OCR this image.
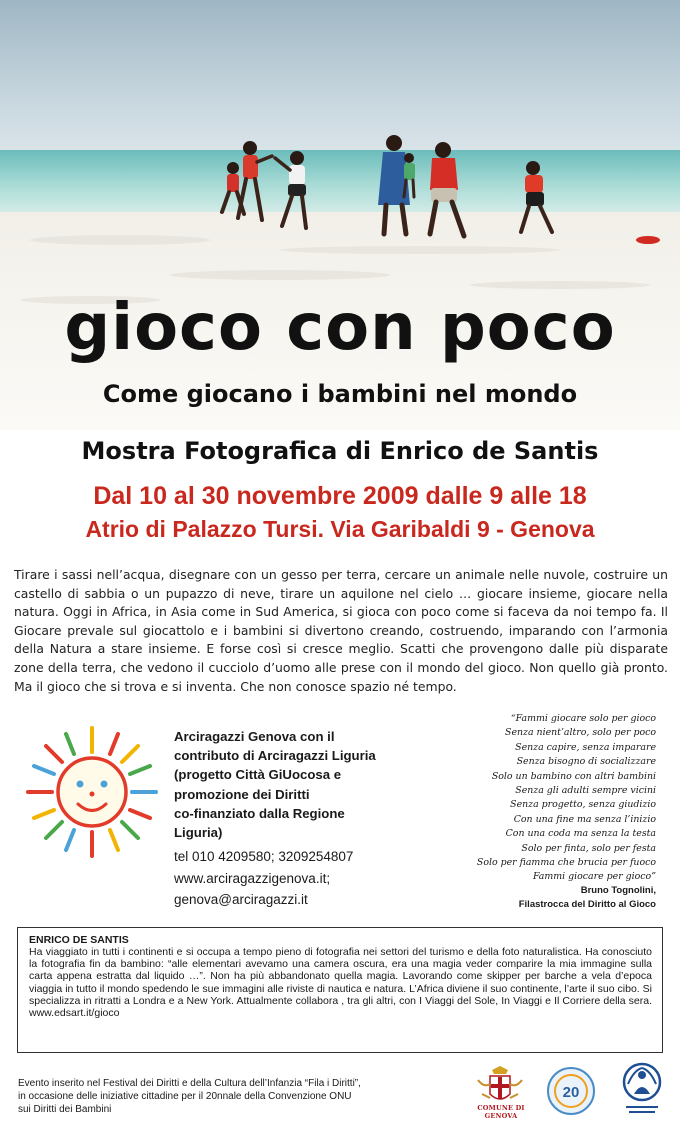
gioco con poco
Come giocano i bambini nel mondo
Mostra Fotografica di Enrico de Santis
Dal 10 al 30 novembre 2009 dalle 9 alle 18
Atrio di Palazzo Tursi. Via Garibaldi 9 - Genova

Tirare i sassi nell’acqua, disegnare con un gesso per terra, cercare un animale nelle nuvole, costruire un castello di sabbia o un pupazzo di neve, tirare un aquilone nel cielo … giocare insieme, giocare nella natura. Oggi in Africa, in Asia come in Sud America, si gioca con poco come si faceva da noi tempo fa. Il Giocare prevale sul giocattolo e i bambini si divertono creando, costruendo, imparando con l’armonia della Natura a stare insieme. E forse così si cresce meglio. Scatti che provengono dalle più disparate zone della terra, che vedono il cucciolo d’uomo alle prese con il mondo del gioco. Non quello già pronto. Ma il gioco che si trova e si inventa. Che non conosce spazio né tempo.

Arciragazzi Genova con il
contributo di Arciragazzi Liguria
(progetto Città GiUocosa e
promozione dei Diritti
co-finanziato dalla Regione
Liguria)
tel 010 4209580; 3209254807
www.arciragazzigenova.it;
genova@arciragazzi.it
“Fammi giocare solo per gioco
Senza nient’altro, solo per poco
Senza capire, senza imparare
Senza bisogno di socializzare
Solo un bambino con altri bambini
Senza gli adulti sempre vicini
Senza progetto, senza giudizio
Con una fine ma senza l’inizio
Con una coda ma senza la testa
Solo per finta, solo per festa
Solo per fiamma che brucia per fuoco
Fammi giocare per gioco”
Bruno Tognolini,
Filastrocca del Diritto al Gioco
ENRICO DE SANTIS

Ha viaggiato in tutti i continenti e si occupa a tempo pieno di fotografia nei settori del turismo e della foto naturalistica. Ha conosciuto la fotografia fin da bambino: “alle elementari avevamo una camera oscura, era una magia veder comparire la mia immagine sulla carta appena estratta dal liquido …”. Non ha più abbandonato quella magia. Lavorando come skipper per barche a vela d’epoca viaggia in tutto il mondo spedendo le sue immagini alle riviste di nautica e natura. L’Africa diviene il suo continente, l’arte il suo cibo. Si specializza in ritratti a Londra e a New York. Attualmente collabora , tra gli altri, con I Viaggi del Sole, In Viaggi e Il Corriere della sera. www.edsart.it/gioco

Evento inserito nel Festival dei Diritti e della Cultura dell’Infanzia “Fila i Diritti”,
in occasione delle iniziative cittadine per il 20nnale della Convenzione ONU
sui Diritti dei Bambini	COMUNE DI GENOVA
20
